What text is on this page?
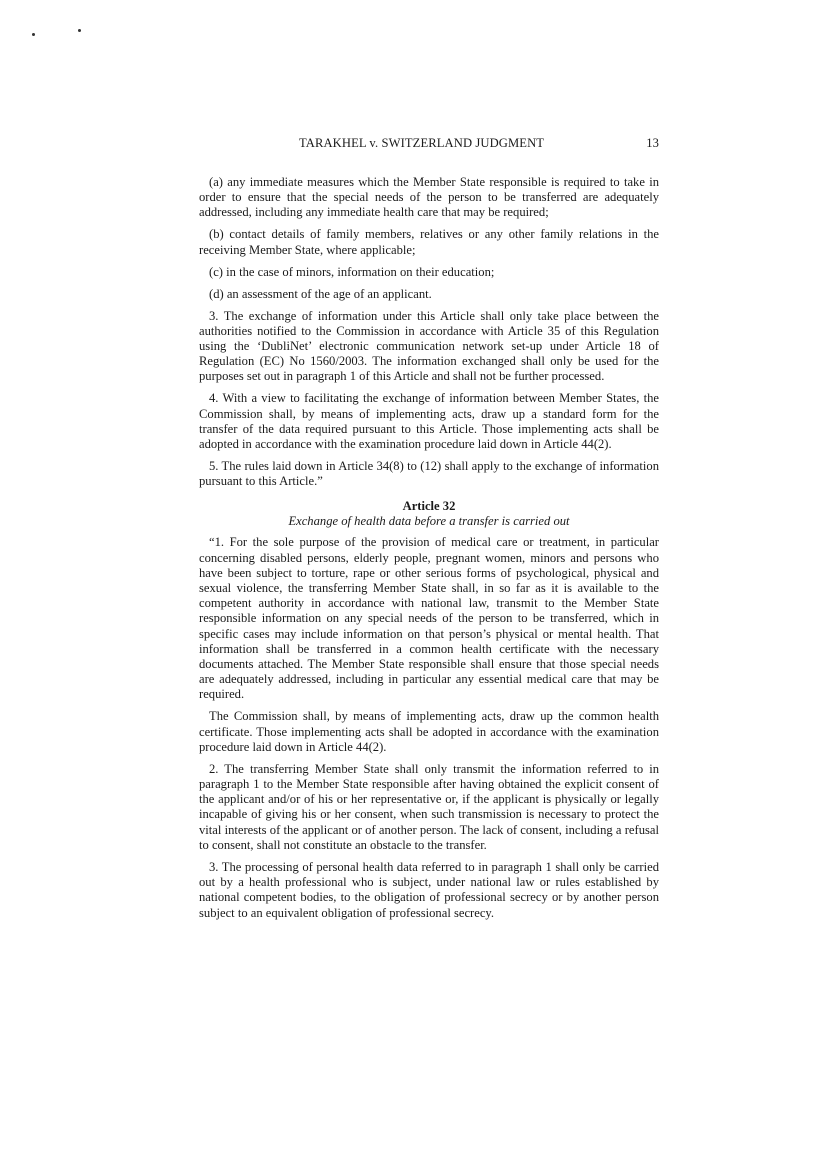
TARAKHEL v. SWITZERLAND JUDGMENT	13

(a) any immediate measures which the Member State responsible is required to take in order to ensure that the special needs of the person to be transferred are adequately addressed, including any immediate health care that may be required;

(b) contact details of family members, relatives or any other family relations in the receiving Member State, where applicable;

(c) in the case of minors, information on their education;

(d) an assessment of the age of an applicant.

3. The exchange of information under this Article shall only take place between the authorities notified to the Commission in accordance with Article 35 of this Regulation using the ‘DubliNet’ electronic communication network set-up under Article 18 of Regulation (EC) No 1560/2003. The information exchanged shall only be used for the purposes set out in paragraph 1 of this Article and shall not be further processed.

4. With a view to facilitating the exchange of information between Member States, the Commission shall, by means of implementing acts, draw up a standard form for the transfer of the data required pursuant to this Article. Those implementing acts shall be adopted in accordance with the examination procedure laid down in Article 44(2).

5. The rules laid down in Article 34(8) to (12) shall apply to the exchange of information pursuant to this Article.”

Article 32
Exchange of health data before a transfer is carried out

“1. For the sole purpose of the provision of medical care or treatment, in particular concerning disabled persons, elderly people, pregnant women, minors and persons who have been subject to torture, rape or other serious forms of psychological, physical and sexual violence, the transferring Member State shall, in so far as it is available to the competent authority in accordance with national law, transmit to the Member State responsible information on any special needs of the person to be transferred, which in specific cases may include information on that person’s physical or mental health. That information shall be transferred in a common health certificate with the necessary documents attached. The Member State responsible shall ensure that those special needs are adequately addressed, including in particular any essential medical care that may be required.

The Commission shall, by means of implementing acts, draw up the common health certificate. Those implementing acts shall be adopted in accordance with the examination procedure laid down in Article 44(2).

2. The transferring Member State shall only transmit the information referred to in paragraph 1 to the Member State responsible after having obtained the explicit consent of the applicant and/or of his or her representative or, if the applicant is physically or legally incapable of giving his or her consent, when such transmission is necessary to protect the vital interests of the applicant or of another person. The lack of consent, including a refusal to consent, shall not constitute an obstacle to the transfer.

3. The processing of personal health data referred to in paragraph 1 shall only be carried out by a health professional who is subject, under national law or rules established by national competent bodies, to the obligation of professional secrecy or by another person subject to an equivalent obligation of professional secrecy.
